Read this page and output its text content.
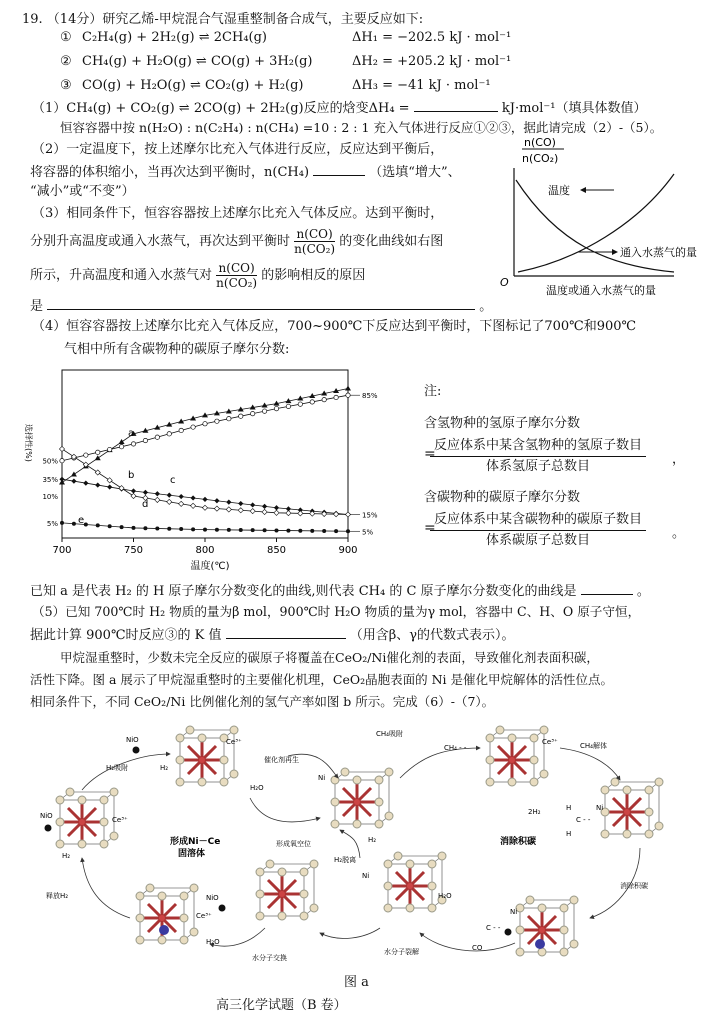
19. （14分）研究乙烯-甲烷混合气湿重整制备合成气，主要反应如下:
① C₂H₄(g) + 2H₂(g) ⇌ 2CH₄(g)	ΔH₁ = −202.5 kJ · mol⁻¹
② CH₄(g) + H₂O(g) ⇌ CO(g) + 3H₂(g)	ΔH₂ = +205.2 kJ · mol⁻¹
③ CO(g) + H₂O(g) ⇌ CO₂(g) + H₂(g)	ΔH₃ = −41 kJ · mol⁻¹
（1）CH₄(g) + CO₂(g) ⇌ 2CO(g) + 2H₂(g)反应的焓变ΔH₄ =	kJ·mol⁻¹（填具体数值）
恒容容器中按 n(H₂O) : n(C₂H₄) : n(CH₄) =10 : 2 : 1 充入气体进行反应①②③，据此请完成（2）-（5）。
（2）一定温度下，按上述摩尔比充入气体进行反应，反应达到平衡后，
将容器的体积缩小，当再次达到平衡时，n(CH₄)	（选填“增大”、
“减小”或“不变”）
（3）相同条件下，恒容容器按上述摩尔比充入气体反应。达到平衡时，
分别升高温度或通入水蒸气，再次达到平衡时 $\frac{n(CO)}{\text{n(CO₂)}}$ 的变化曲线如右图
所示，升高温度和通入水蒸气对 $\frac{n(CO)}{\text{n(CO₂)}}$ 的影响相反的原因
是	。
n(CO)
n(CO₂)
温度
通入水蒸气的量
O
温度或通入水蒸气的量
（4）恒容容器按上述摩尔比充入气体反应，700~900℃下反应达到平衡时，下图标记了700℃和900℃
气相中所有含碳物种的碳原子摩尔分数:
选择性(%)
700	750	800	850	900
50%
35%
10%
5%
85%
15%
5%
a
b	c
d
e
温度(℃)
注:
含氢物种的氢原子摩尔分数
=
反应体系中某含氢物种的氢原子数目
体系氢原子总数目	，
含碳物种的碳原子摩尔分数
=
反应体系中某含碳物种的碳原子数目
体系碳原子总数目	。
已知 a 是代表 H₂ 的 H 原子摩尔分数变化的曲线,则代表 CH₄ 的 C 原子摩尔分数变化的曲线是	。
（5）已知 700℃时 H₂ 物质的量为β mol，900℃时 H₂O 物质的量为γ mol，容器中 C、H、O 原子守恒，
据此计算 900℃时反应③的 K 值	（用含β、γ的代数式表示）。
甲烷湿重整时，少数未完全反应的碳原子将覆盖在CeO₂/Ni催化剂的表面，导致催化剂表面积碳，
活性下降。图 a 展示了甲烷湿重整时的主要催化机理，CeO₂晶胞表面的 Ni 是催化甲烷解体的活性位点。
相同条件下，不同 CeO₂/Ni 比例催化剂的氢气产率如图 b 所示。完成（6）-（7）。
NiO
H₂吸附	H₂
Ce³⁺
催化剂再生
H₂O
Ni
CH₄吸附
CH₄ - -
Ce³⁺	CH₄解体
2H₂	H
H
C - -
Ni
NiO
H₂
Ce³⁺
形成Ni－Ce
固溶体
形成氧空位
H₂脱离
Ni
H₂	消除积碳
消除积碳
释放H₂	NiO
H₂O
Ce³⁺
水分子交换
H₂O
水分子裂解
C - -
Ni
CO
图 a
高三化学试题（B 卷）
